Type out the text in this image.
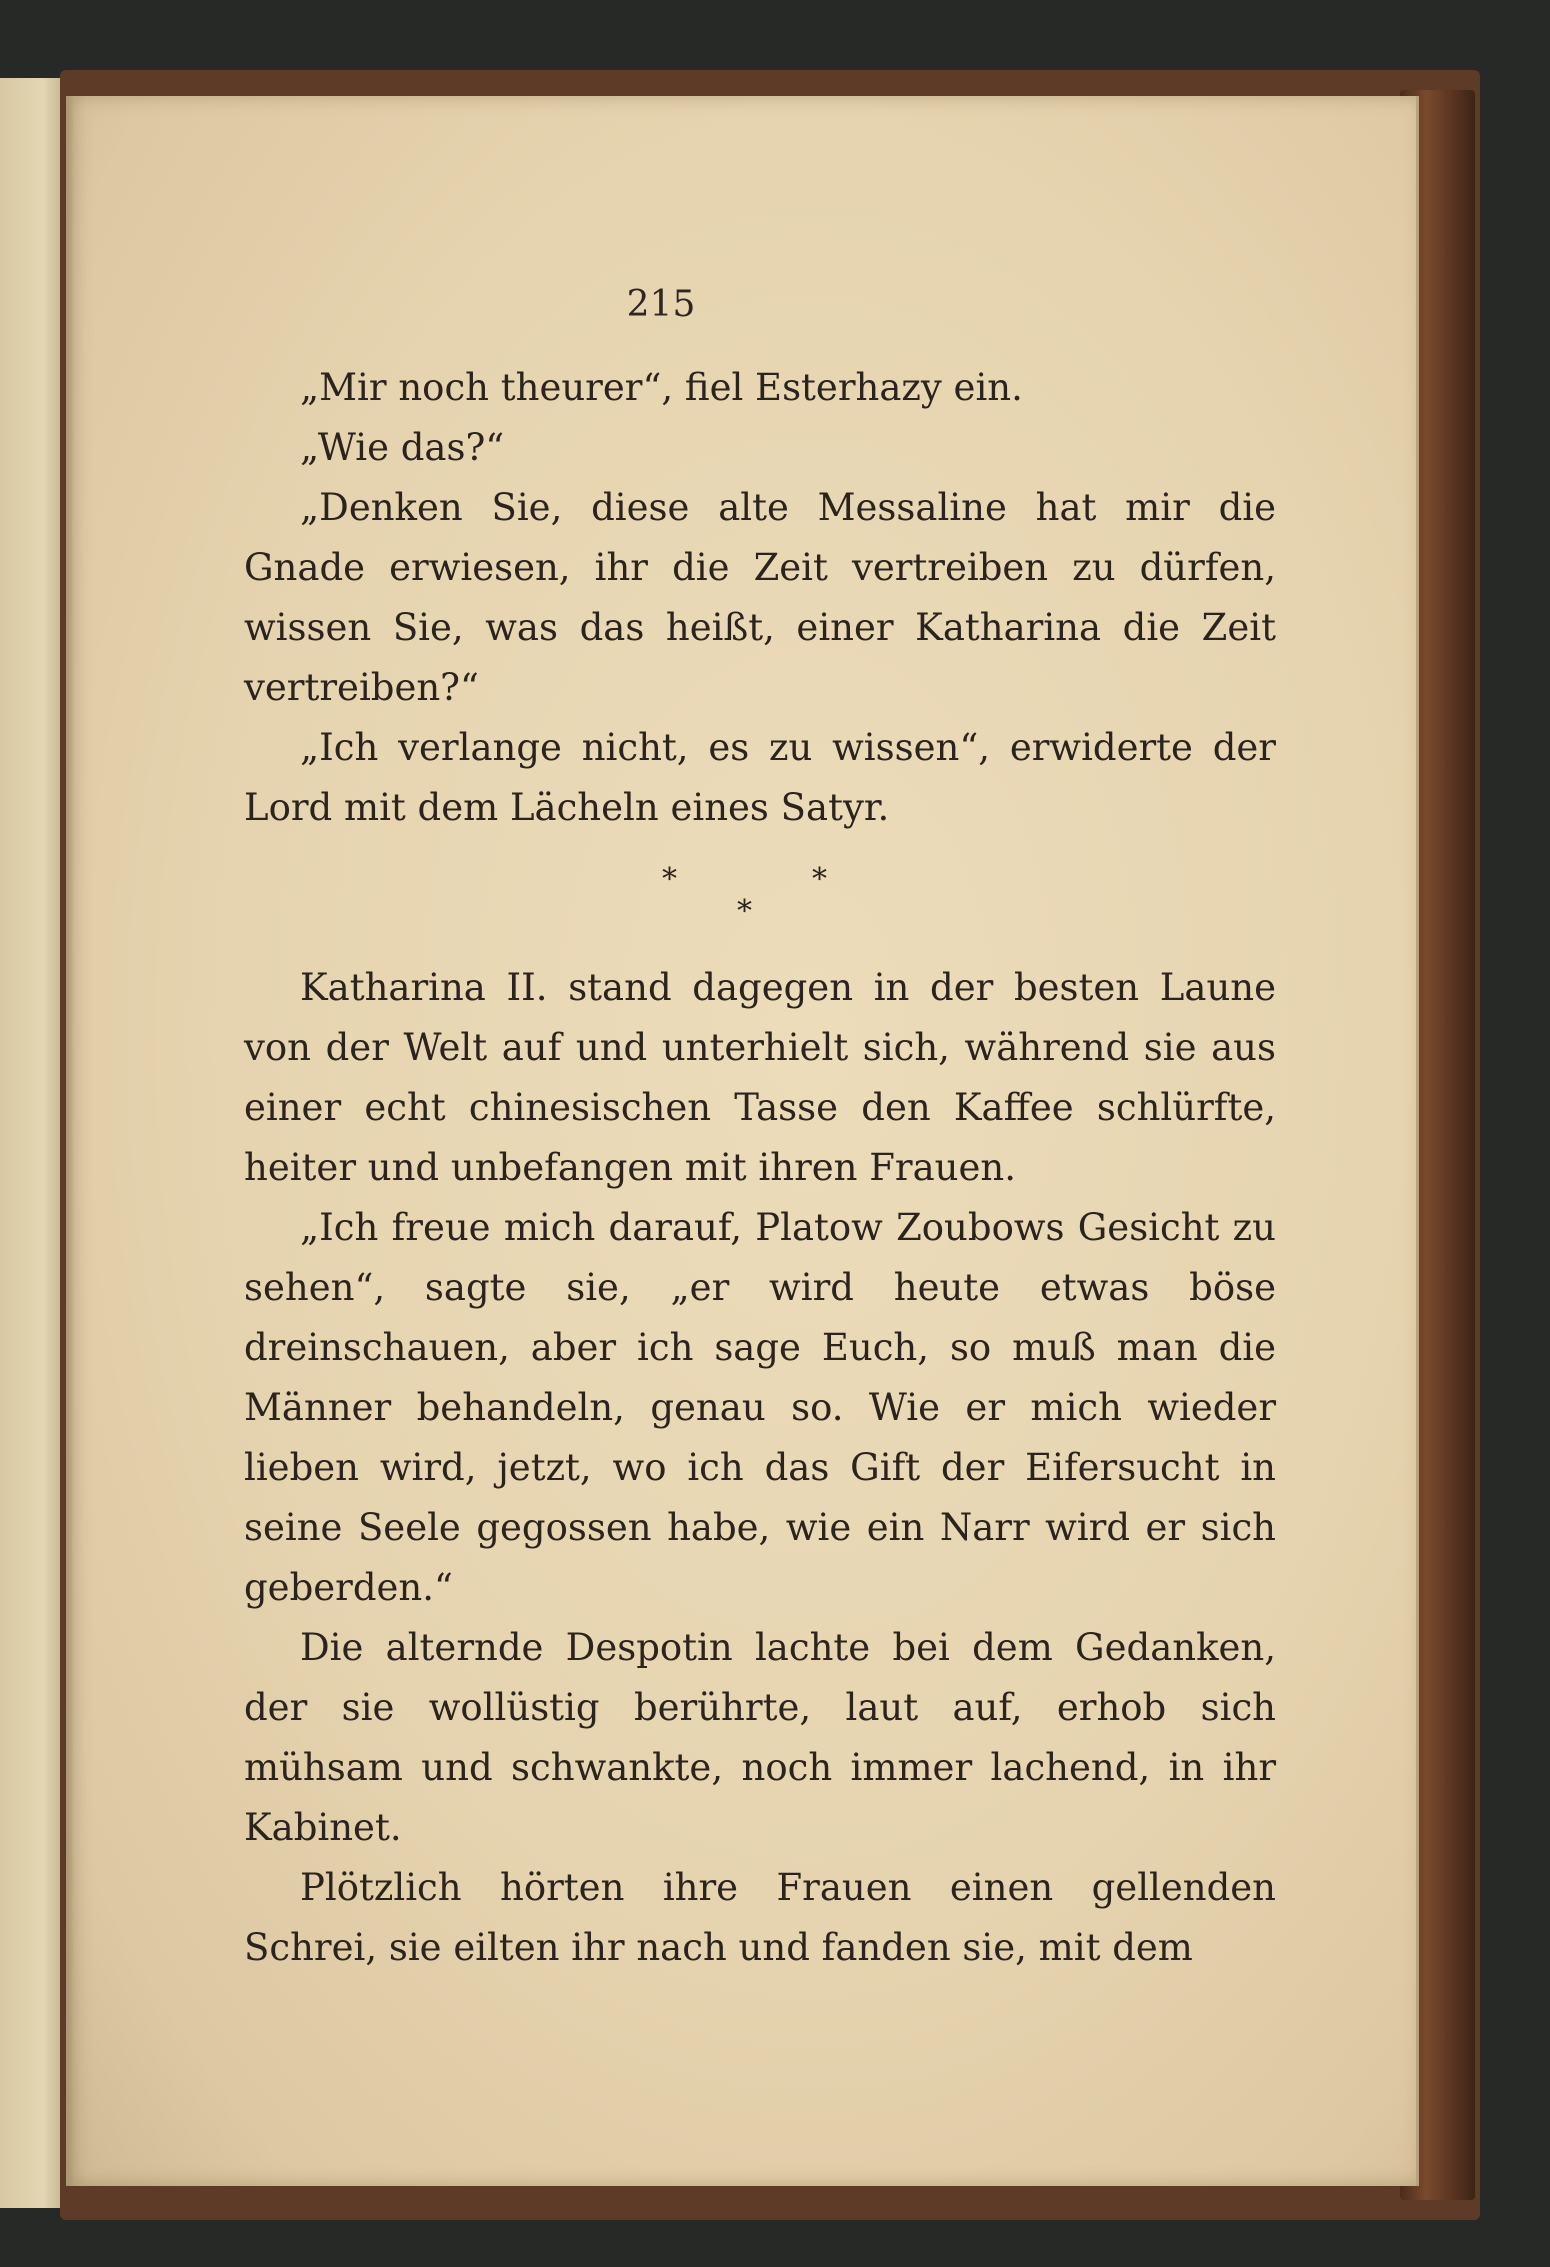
215

„Mir noch theurer“, fiel Esterhazy ein.

„Wie das?“

„Denken Sie, diese alte Messaline hat mir die Gnade erwiesen, ihr die Zeit vertreiben zu dürfen, wissen Sie, was das heißt, einer Katharina die Zeit vertreiben?“

„Ich verlange nicht, es zu wissen“, erwiderte der Lord mit dem Lächeln eines Satyr.

*	*
*

Katharina II. stand dagegen in der besten Laune von der Welt auf und unterhielt sich, während sie aus einer echt chinesischen Tasse den Kaffee schlürfte, heiter und unbefangen mit ihren Frauen.

„Ich freue mich darauf, Platow Zoubows Gesicht zu sehen“, sagte sie, „er wird heute etwas böse dreinschauen, aber ich sage Euch, so muß man die Männer behandeln, genau so. Wie er mich wieder lieben wird, jetzt, wo ich das Gift der Eifersucht in seine Seele gegossen habe, wie ein Narr wird er sich geberden.“

Die alternde Despotin lachte bei dem Gedanken, der sie wollüstig berührte, laut auf, erhob sich mühsam und schwankte, noch immer lachend, in ihr Kabinet.

Plötzlich hörten ihre Frauen einen gellenden Schrei, sie eilten ihr nach und fanden sie, mit dem
